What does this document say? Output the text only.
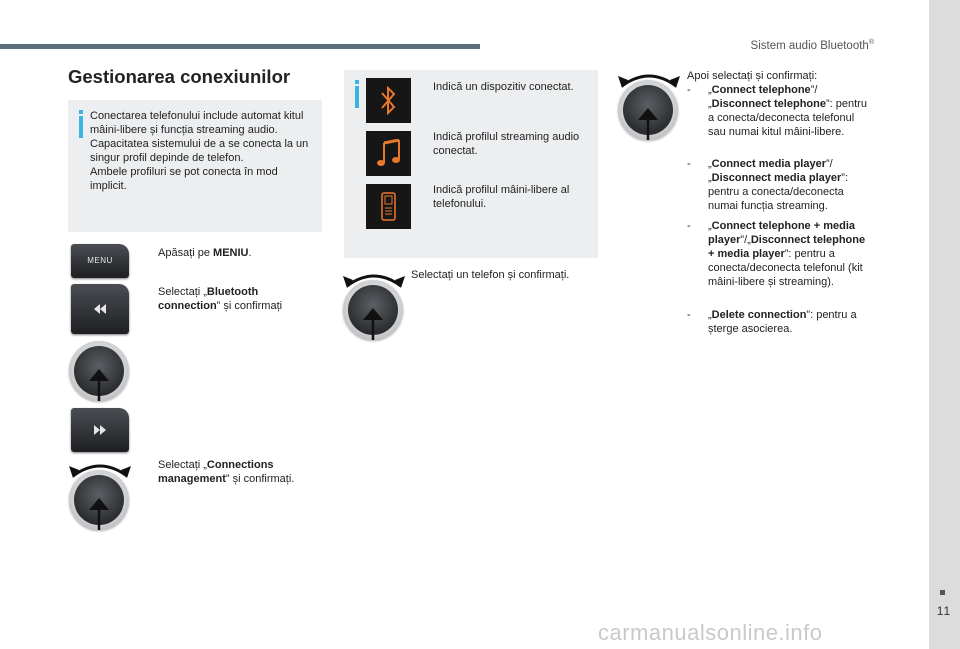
Sistem audio Bluetooth®
11
carmanualsonline.info
Gestionarea conexiunilor
Conectarea telefonului include automat kitul mâini-libere și funcția streaming audio.
Capacitatea sistemului de a se conecta la un singur profil depinde de telefon.
Ambele profiluri se pot conecta în mod implicit.
MENU
Apăsați pe MENIU.
Selectați „Bluetooth connection” și confirmați
Selectați „Connections management” și confirmați.
Indică un dispozitiv conectat.
Indică profilul streaming audio conectat.
Indică profilul mâini-libere al telefonului.
Selectați un telefon și confirmați.
Apoi selectați și confirmați:
- „Connect telephone”/ „Disconnect telephone”: pentru a conecta/deconecta telefonul sau numai kitul mâini-libere.
- „Connect media player”/ „Disconnect media player”: pentru a conecta/deconecta numai funcția streaming.
- „Connect telephone + media player”/„Disconnect telephone + media player”: pentru a conecta/deconecta telefonul (kit mâini-libere și streaming).
- „Delete connection”: pentru a șterge asocierea.
